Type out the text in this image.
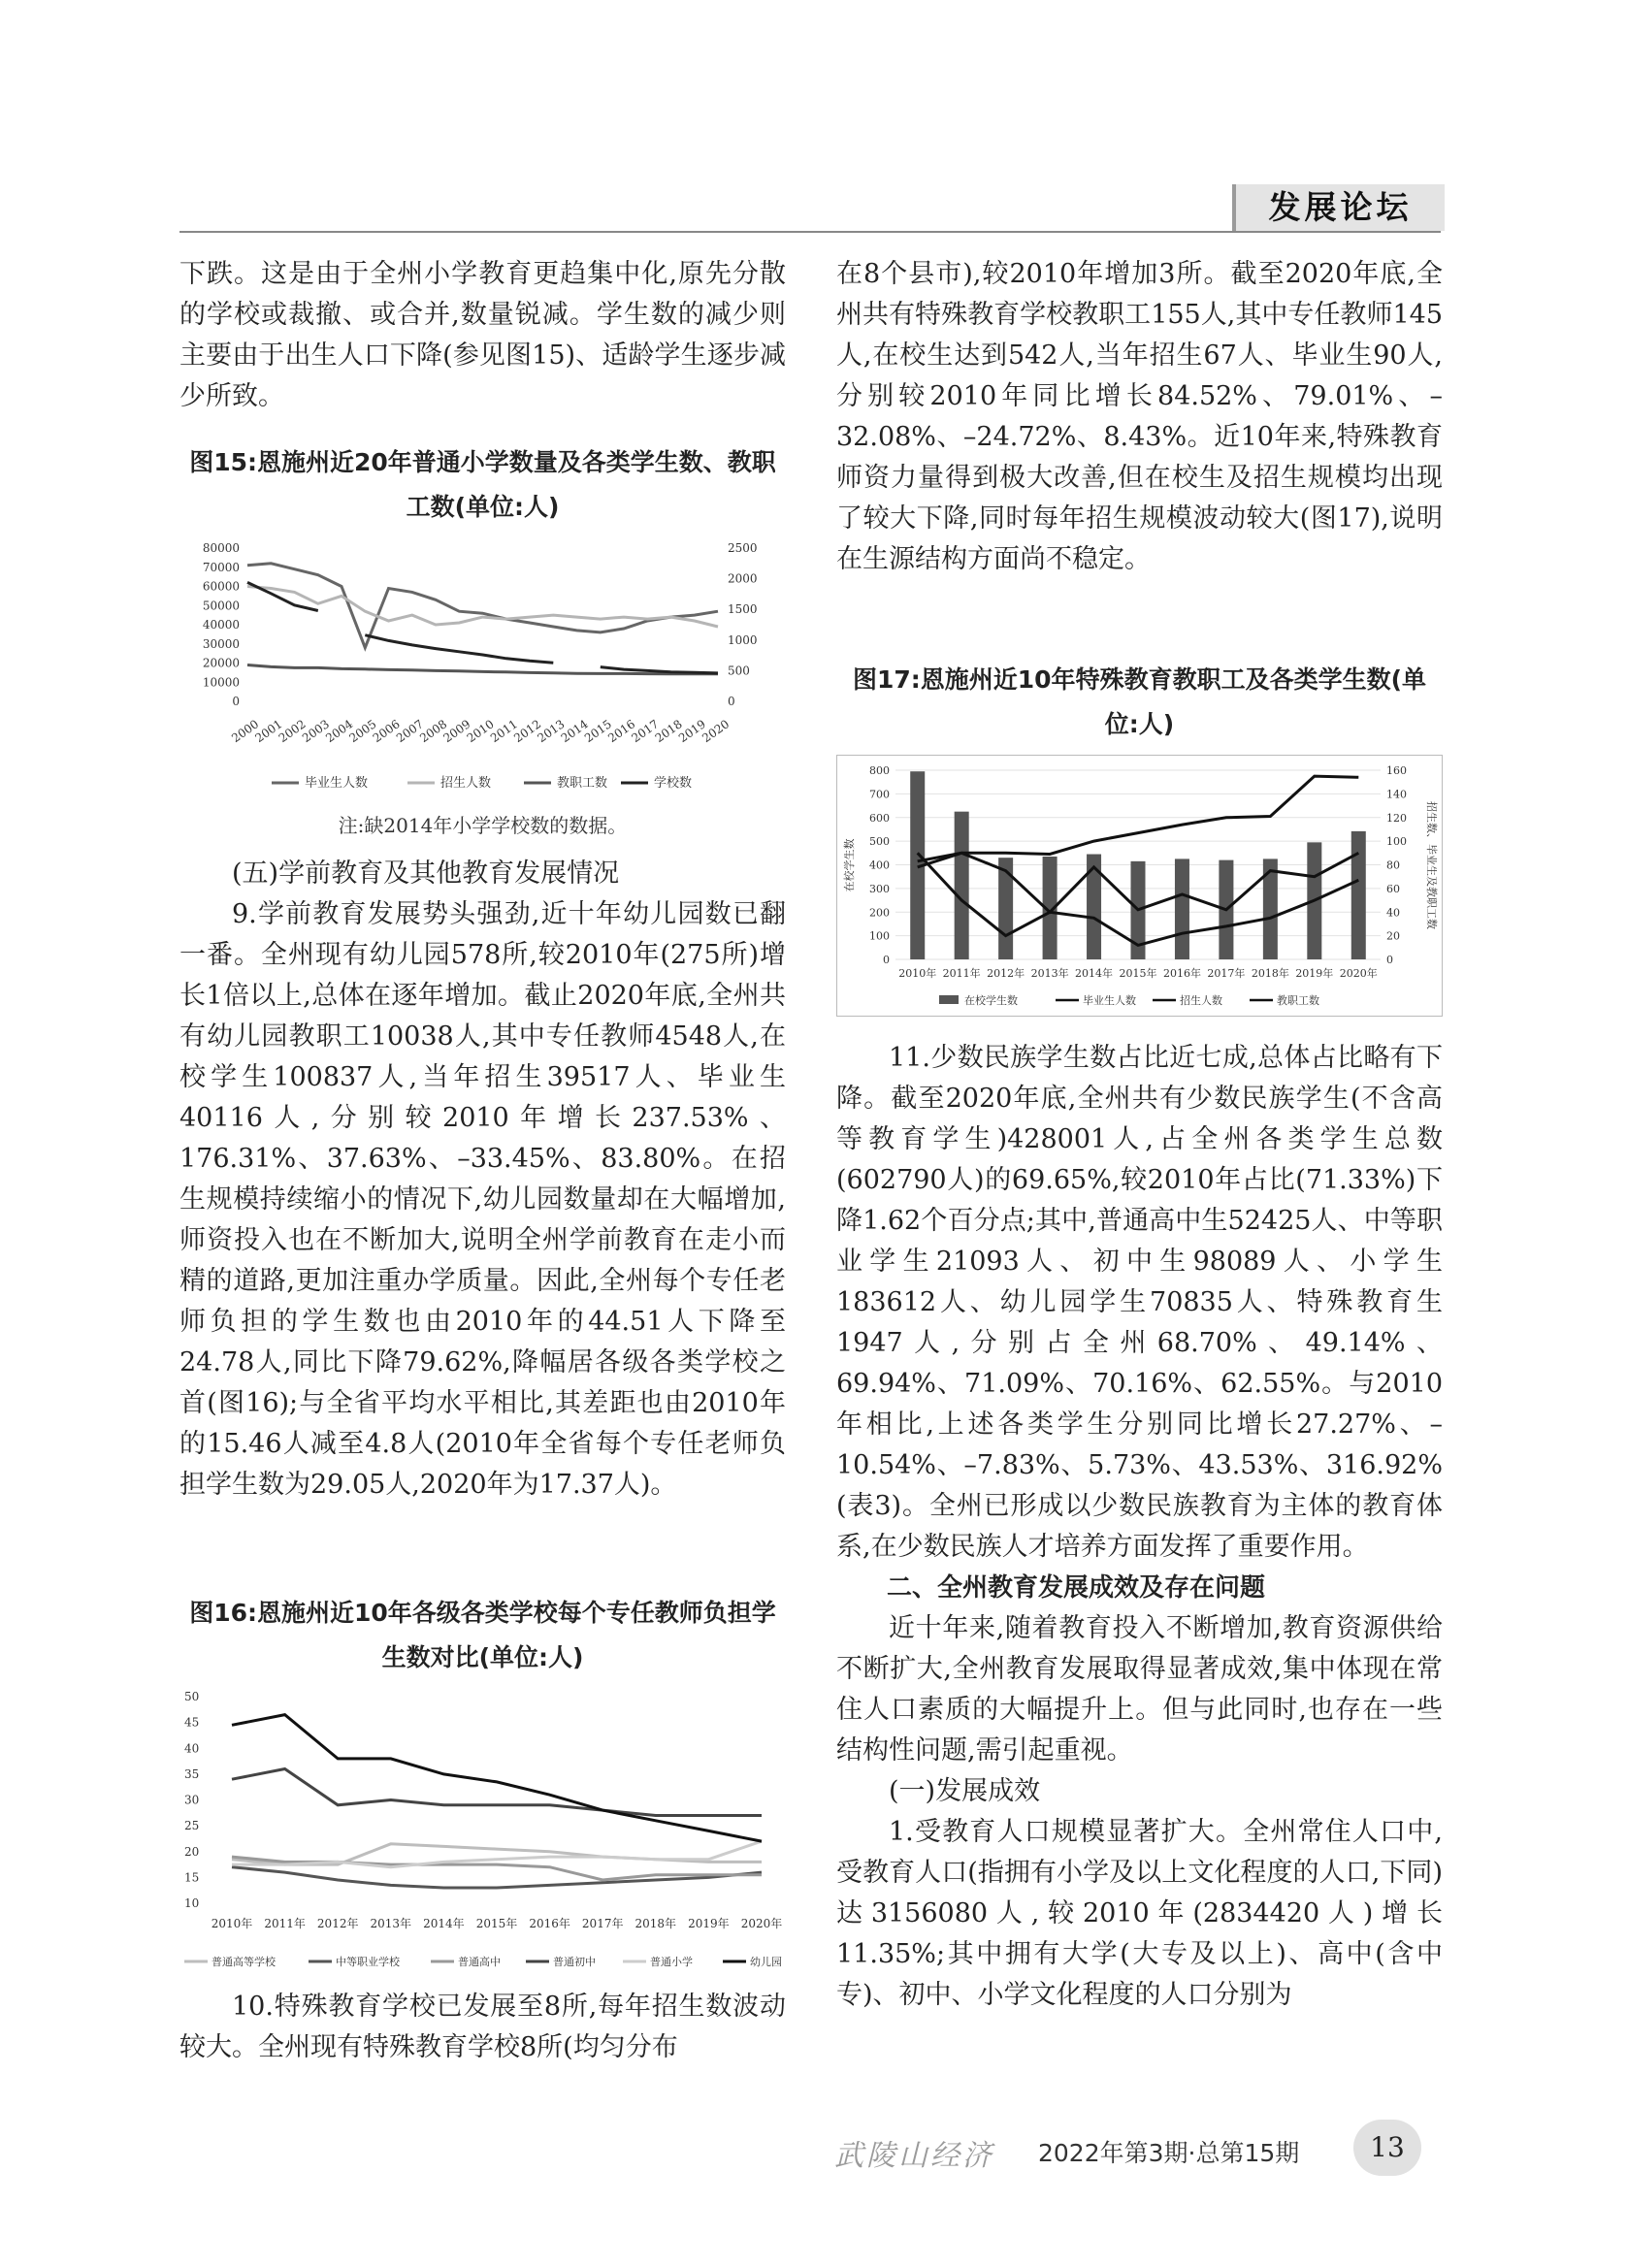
发展论坛

下跌。这是由于全州小学教育更趋集中化,原先分散的学校或裁撤、或合并,数量锐减。学生数的减少则主要由于出生人口下降(参见图15)、适龄学生逐步减少所致。

图15:恩施州近20年普通小学数量及各类学生数、教职工数(单位:人)
0
10000
20000
30000
40000
50000
60000
70000
80000
0
500
1000
1500
2000
2500
2000
2001
2002
2003
2004
2005
2006
2007
2008
2009
2010
2011
2012
2013
2014
2015
2016
2017
2018
2019
2020
毕业生人数	招生人数	教职工数	学校数
注:缺2014年小学学校数的数据。

(五)学前教育及其他教育发展情况

9.学前教育发展势头强劲,近十年幼儿园数已翻一番。全州现有幼儿园578所,较2010年(275所)增长1倍以上,总体在逐年增加。截止2020年底,全州共有幼儿园教职工10038人,其中专任教师4548人,在校学生100837人,当年招生39517人、毕业生40116人,分别较2010年增长237.53%、176.31%、37.63%、–33.45%、83.80%。在招生规模持续缩小的情况下,幼儿园数量却在大幅增加,师资投入也在不断加大,说明全州学前教育在走小而精的道路,更加注重办学质量。因此,全州每个专任老师负担的学生数也由2010年的44.51人下降至24.78人,同比下降79.62%,降幅居各级各类学校之首(图16);与全省平均水平相比,其差距也由2010年的15.46人减至4.8人(2010年全省每个专任老师负担学生数为29.05人,2020年为17.37人)。

图16:恩施州近10年各级各类学校每个专任教师负担学生数对比(单位:人)
10
15
20
25
30
35
40
45
50
2010年 2011年 2012年 2013年 2014年 2015年 2016年 2017年 2018年 2019年 2020年
普通高等学校	中等职业学校	普通高中	普通初中	普通小学	幼儿园

10.特殊教育学校已发展至8所,每年招生数波动较大。全州现有特殊教育学校8所(均匀分布

在8个县市),较2010年增加3所。截至2020年底,全州共有特殊教育学校教职工155人,其中专任教师145人,在校生达到542人,当年招生67人、毕业生90人,分别较2010年同比增长84.52%、79.01%、–32.08%、–24.72%、8.43%。近10年来,特殊教育师资力量得到极大改善,但在校生及招生规模均出现了较大下降,同时每年招生规模波动较大(图17),说明在生源结构方面尚不稳定。

图17:恩施州近10年特殊教育教职工及各类学生数(单位:人)
0
100
200
300
400
500
600
700
800
0
20
40
60
80
100
120
140
160
在校学生数	招生数、毕业生及教职工数
2010年 2011年 2012年 2013年 2014年 2015年 2016年 2017年 2018年 2019年 2020年
在校学生数	毕业生人数	招生人数	教职工数

11.少数民族学生数占比近七成,总体占比略有下降。截至2020年底,全州共有少数民族学生(不含高等教育学生)428001人,占全州各类学生总数(602790人)的69.65%,较2010年占比(71.33%)下降1.62个百分点;其中,普通高中生52425人、中等职业学生21093人、初中生98089人、小学生183612人、幼儿园学生70835人、特殊教育生1947人,分别占全州68.70%、49.14%、69.94%、71.09%、70.16%、62.55%。与2010年相比,上述各类学生分别同比增长27.27%、–10.54%、–7.83%、5.73%、43.53%、316.92%(表3)。全州已形成以少数民族教育为主体的教育体系,在少数民族人才培养方面发挥了重要作用。

二、全州教育发展成效及存在问题

近十年来,随着教育投入不断增加,教育资源供给不断扩大,全州教育发展取得显著成效,集中体现在常住人口素质的大幅提升上。但与此同时,也存在一些结构性问题,需引起重视。

(一)发展成效

1.受教育人口规模显著扩大。全州常住人口中,受教育人口(指拥有小学及以上文化程度的人口,下同)达3156080人,较2010年(2834420人)增长11.35%;其中拥有大学(大专及以上)、高中(含中专)、初中、小学文化程度的人口分别为

武陵山经济 2022年第3期·总第15期	13
